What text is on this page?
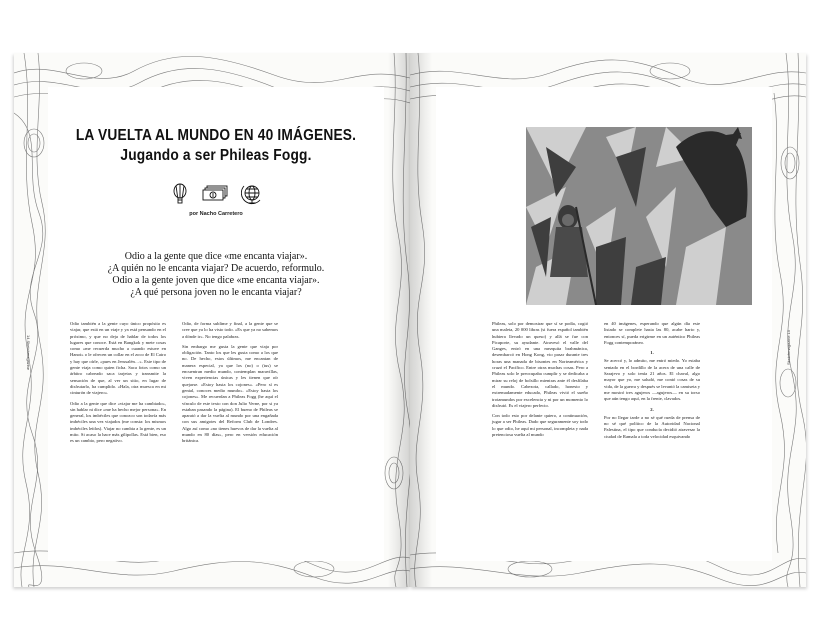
14 Sketchmagazine
LA VUELTA AL MUNDO EN 40 IMÁGENES.
Jugando a ser Phileas Fogg.
por Nacho Carretero
Odio a la gente que dice «me encanta viajar».
¿A quién no le encanta viajar? De acuerdo, reformulo.
Odio a la gente joven que dice «me encanta viajar».
¿A qué persona joven no le encanta viajar?

Odio también a la gente cuyo único propósito es viajar, que está en un viaje y ya está pensando en el próximo, y que no deja de hablar de todos los lugares que conoce. Está en Bangkok y mete cosas como «me recuerda mucho a cuando estuve en Hanoi» o le ofrecen un collar en el zoco de El Cairo y hay que oírle, «pues en Jerusalén…». Este tipo de gente viaja como quien ficha. Saca fotos como un árbitro cabreado saca tarjetas y transmite la sensación de que, al ver un sitio, en lugar de disfrutarlo, ha cumplido. «Hala, otra muesca en mi cinturón de viajero».

Odio a la gente que dice «viajar me ha cambiado», sin hablar ni dice «me ha hecho mejor persona». En general, los imbéciles que conozco son todavía más imbéciles una vez viajados (me consta: los mismos imbéciles leídos). Viajar no cambia a la gente, es un mito. Si acaso la hace más gilipollas. Está bien, eso es un cambio, pero negativo.

Odio, de forma sublime y final, a la gente que se cree que ya lo ha visto todo. «Es que ya no sabemos a dónde ir». No tengo palabras.

Sin embargo me gusta la gente que viaja por obligación. Tanto los que les gusta como a los que no. De hecho, estos últimos, me encantan de manera especial, ya que los (no) o (tus) se encuentran medio mundo, contemplan maravillas, viven experiencias únicas y les tienen que oír quejarse. «Estoy hasta los cojones». «Pero sí es genial, conoces medio mundo». «Estoy hasta los cojones». Me recuerdan a Phileas Fogg (he aquí el vínculo de este texto con don Julio Verne, por si ya estaban pasando la página). El bueno de Phileas se aparató a dar la vuelta al mundo por una engañada con sus amigotes del Reform Club de Londres. Algo así como «no tienes huevos de dar la vuelta al mundo en 80 días», pero en versión educación británica.

Sketchmagazine 15

Phileas, solo por demostrar que sí se podía, cogió una maleta, 20 000 libras (si fuera español también hubiera llevado un queso) y allá se fue con Picaporte, su ayudante. Atravesó el valle del Ganges, entró en una mezquita brahmánica, desembarcó en Hong Kong, vio pasar durante tres horas una manada de bisontes en Norteamérica y cruzó el Pacífico. Entre otras muchas cosas. Pero a Phileas solo le preocupaba cumplir y se dedicaba a mirar su reloj de bolsillo mientras ante él desfilaba el mundo. Cabezota, callado, honesto y extremadamente educado, Phileas vivió el sueño trotamundos por excelencia y ni por un momento lo disfrutó. Es el viajero perfecto.

Con todo esto por delante quiero, a continuación, jugar a ser Phileas. Dado que seguramente soy todo lo que odio, he aquí mi personal, incompleta y nada pretenciosa vuelta al mundo

en 40 imágenes, esperando que algún día este listado se complete hasta las 80, acabe harto y, entonces sí, pueda erigirme en un auténtico Phileas Fogg contemporáneo.

1.

Se acercó y, lo admito, me entró miedo. Yo estaba sentado en el bordillo de la acera de una calle de Sarajevo y solo tenía 21 años. El chaval, algo mayor que yo, me saludó, me contó cosas de su vida, de la guerra y después se levantó la camiseta y me mostró tres agujeros —agujeros— en su torso que aún tengo aquí, en la frente, clavados.

2.

Por no llegar tarde a no sé qué rueda de prensa de no sé qué político de la Autoridad Nacional Palestina, el tipo que conducía decidió atravesar la ciudad de Ramala a toda velocidad esquivando
